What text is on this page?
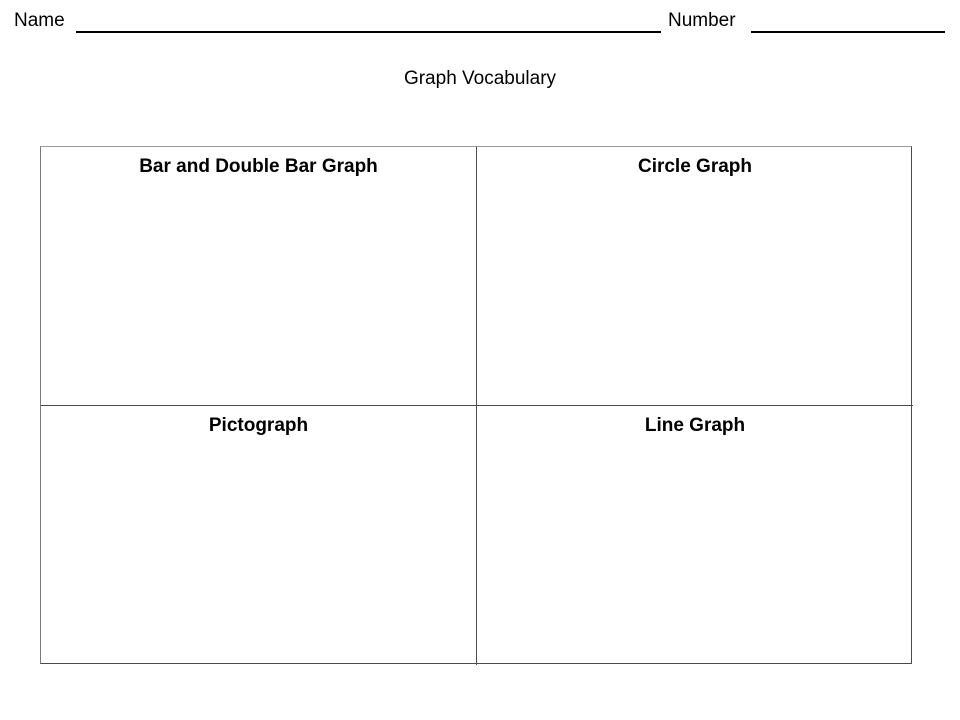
Name	Number
Graph Vocabulary
Bar and Double Bar Graph	Circle Graph
Pictograph	Line Graph
